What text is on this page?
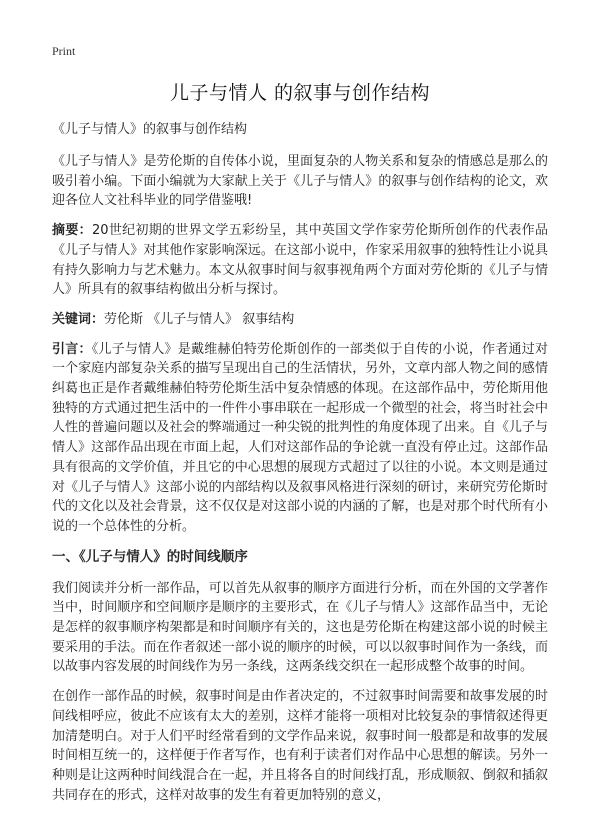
Print
儿子与情人 的叙事与创作结构
《儿子与情人》的叙事与创作结构

《儿子与情人》是劳伦斯的自传体小说，里面复杂的人物关系和复杂的情感总是那么的吸引着小编。下面小编就为大家献上关于《儿子与情人》的叙事与创作结构的论文，欢迎各位人文社科毕业的同学借鉴哦!

摘要：20世纪初期的世界文学五彩纷呈，其中英国文学作家劳伦斯所创作的代表作品《儿子与情人》对其他作家影响深远。在这部小说中，作家采用叙事的独特性让小说具有持久影响力与艺术魅力。本文从叙事时间与叙事视角两个方面对劳伦斯的《儿子与情人》所具有的叙事结构做出分析与探讨。

关键词：劳伦斯 《儿子与情人》 叙事结构

引言：《儿子与情人》是戴维赫伯特劳伦斯创作的一部类似于自传的小说，作者通过对一个家庭内部复杂关系的描写呈现出自己的生活情状，另外，文章内部人物之间的感情纠葛也正是作者戴维赫伯特劳伦斯生活中复杂情感的体现。在这部作品中，劳伦斯用他独特的方式通过把生活中的一件件小事串联在一起形成一个微型的社会，将当时社会中人性的普遍问题以及社会的弊端通过一种尖锐的批判性的角度体现了出来。自《儿子与情人》这部作品出现在市面上起，人们对这部作品的争论就一直没有停止过。这部作品具有很高的文学价值，并且它的中心思想的展现方式超过了以往的小说。本文则是通过对《儿子与情人》这部小说的内部结构以及叙事风格进行深刻的研讨，来研究劳伦斯时代的文化以及社会背景，这不仅仅是对这部小说的内涵的了解，也是对那个时代所有小说的一个总体性的分析。

一、《儿子与情人》的时间线顺序

我们阅读并分析一部作品，可以首先从叙事的顺序方面进行分析，而在外国的文学著作当中，时间顺序和空间顺序是顺序的主要形式，在《儿子与情人》这部作品当中，无论是怎样的叙事顺序构架都是和时间顺序有关的，这也是劳伦斯在构建这部小说的时候主要采用的手法。而在作者叙述一部小说的顺序的时候，可以以叙事时间作为一条线，而以故事内容发展的时间线作为另一条线，这两条线交织在一起形成整个故事的时间。

在创作一部作品的时候，叙事时间是由作者决定的，不过叙事时间需要和故事发展的时间线相呼应，彼此不应该有太大的差别，这样才能将一项相对比较复杂的事情叙述得更加清楚明白。对于人们平时经常看到的文学作品来说，叙事时间一般都是和故事的发展时间相互统一的，这样便于作者写作，也有利于读者们对作品中心思想的解读。另外一种则是让这两种时间线混合在一起，并且将各自的时间线打乱，形成顺叙、倒叙和插叙共同存在的形式，这样对故事的发生有着更加特别的意义，
